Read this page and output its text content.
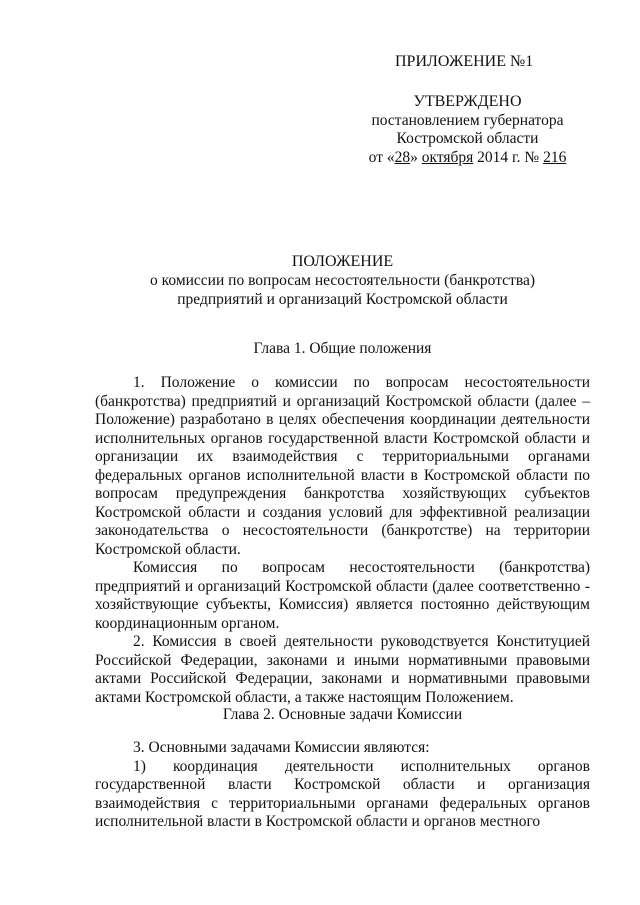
ПРИЛОЖЕНИЕ №1
УТВЕРЖДЕНО
постановлением губернатора
Костромской области
от «28» октября 2014 г. № 216
ПОЛОЖЕНИЕ
о комиссии по вопросам несостоятельности (банкротства)
предприятий и организаций Костромской области
Глава 1. Общие положения

1. Положение о комиссии по вопросам несостоятельности (банкротства) предприятий и организаций Костромской области (далее – Положение) разработано в целях обеспечения координации деятельности исполнительных органов государственной власти Костромской области и организации их взаимодействия с территориальными органами федеральных органов исполнительной власти в Костромской области по вопросам предупреждения банкротства хозяйствующих субъектов Костромской области и создания условий для эффективной реализации законодательства о несостоятельности (банкротстве) на территории Костромской области.

Комиссия по вопросам несостоятельности (банкротства) предприятий и организаций Костромской области (далее соответственно - хозяйствующие субъекты, Комиссия) является постоянно действующим координационным органом.

2. Комиссия в своей деятельности руководствуется Конституцией Российской Федерации, законами и иными нормативными правовыми актами Российской Федерации, законами и нормативными правовыми актами Костромской области, а также настоящим Положением.

Глава 2. Основные задачи Комиссии

3. Основными задачами Комиссии являются:

1) координация деятельности исполнительных органов государственной власти Костромской области и организация взаимодействия с территориальными органами федеральных органов исполнительной власти в Костромской области и органов местного
